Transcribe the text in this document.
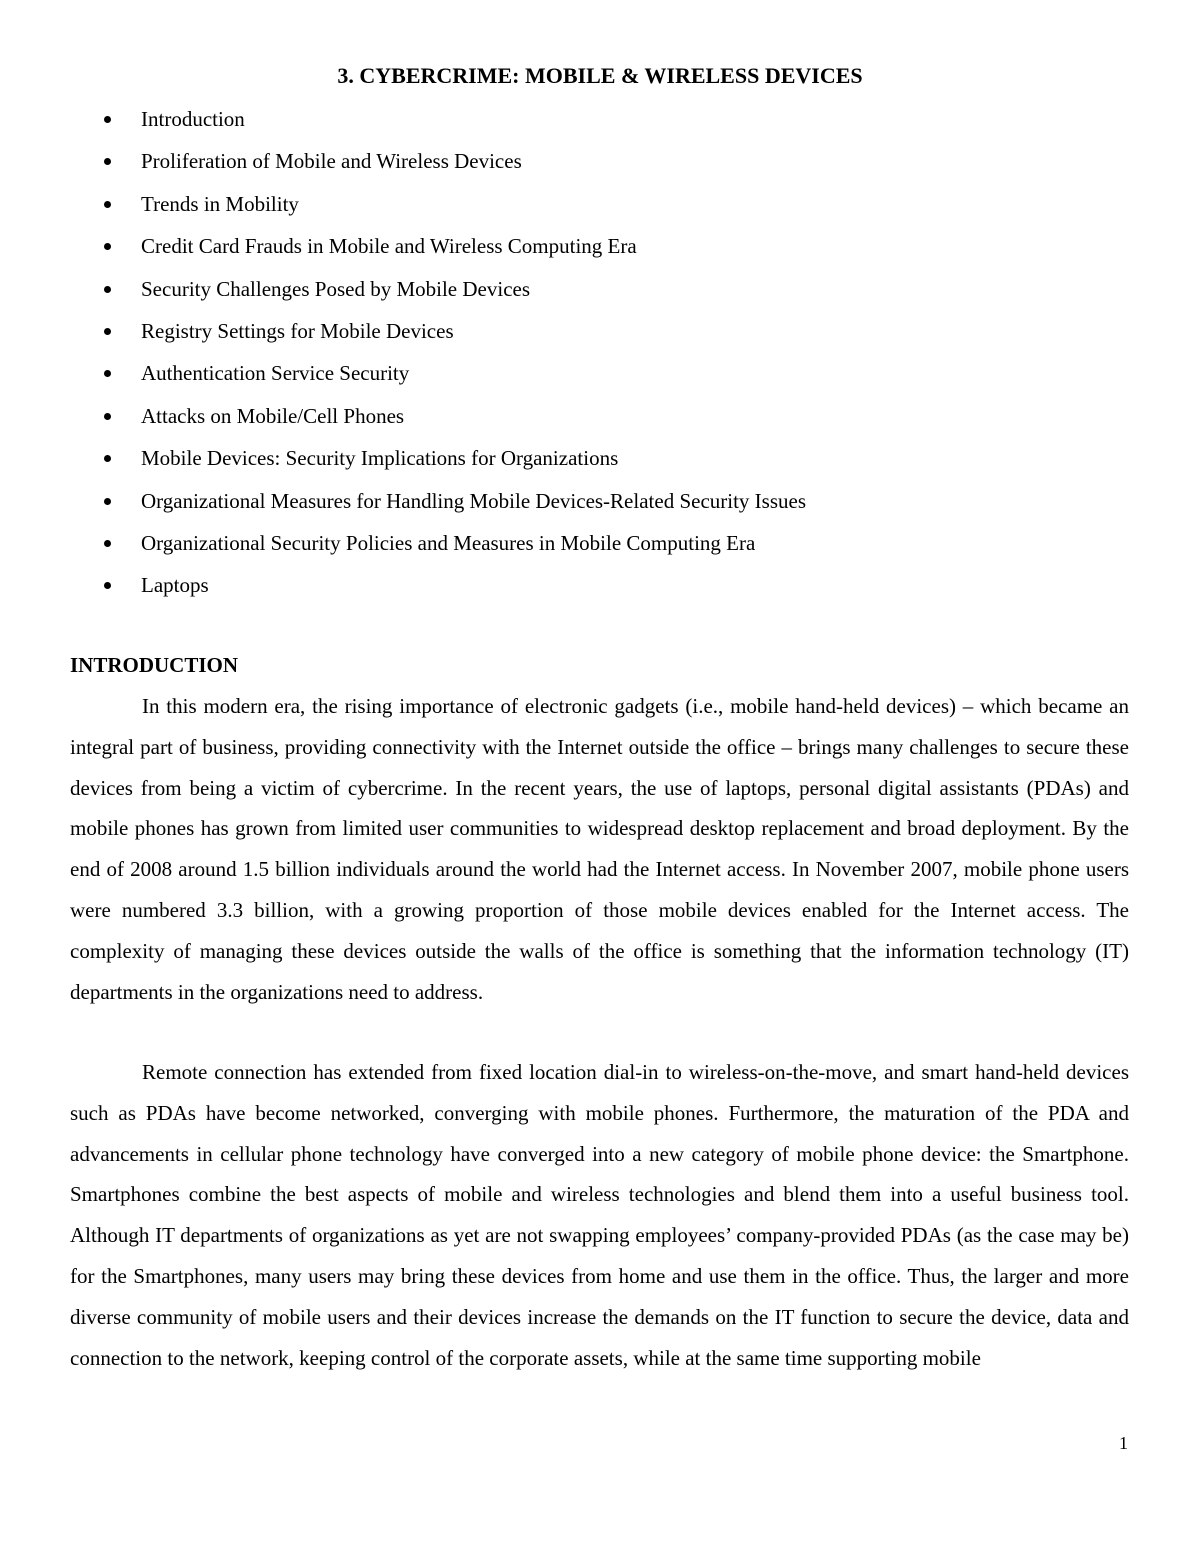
3. CYBERCRIME: MOBILE & WIRELESS DEVICES
Introduction
Proliferation of Mobile and Wireless Devices
Trends in Mobility
Credit Card Frauds in Mobile and Wireless Computing Era
Security Challenges Posed by Mobile Devices
Registry Settings for Mobile Devices
Authentication Service Security
Attacks on Mobile/Cell Phones
Mobile Devices: Security Implications for Organizations
Organizational Measures for Handling Mobile Devices-Related Security Issues
Organizational Security Policies and Measures in Mobile Computing Era
Laptops
INTRODUCTION

In this modern era, the rising importance of electronic gadgets (i.e., mobile hand-held devices) – which became an integral part of business, providing connectivity with the Internet outside the office – brings many challenges to secure these devices from being a victim of cybercrime. In the recent years, the use of laptops, personal digital assistants (PDAs) and mobile phones has grown from limited user communities to widespread desktop replacement and broad deployment. By the end of 2008 around 1.5 billion individuals around the world had the Internet access. In November 2007, mobile phone users were numbered 3.3 billion, with a growing proportion of those mobile devices enabled for the Internet access. The complexity of managing these devices outside the walls of the office is something that the information technology (IT) departments in the organizations need to address.

Remote connection has extended from fixed location dial-in to wireless-on-the-move, and smart hand-held devices such as PDAs have become networked, converging with mobile phones. Furthermore, the maturation of the PDA and advancements in cellular phone technology have converged into a new category of mobile phone device: the Smartphone. Smartphones combine the best aspects of mobile and wireless technologies and blend them into a useful business tool. Although IT departments of organizations as yet are not swapping employees’ company-provided PDAs (as the case may be) for the Smartphones, many users may bring these devices from home and use them in the office. Thus, the larger and more diverse community of mobile users and their devices increase the demands on the IT function to secure the device, data and connection to the network, keeping control of the corporate assets, while at the same time supporting mobile

1
